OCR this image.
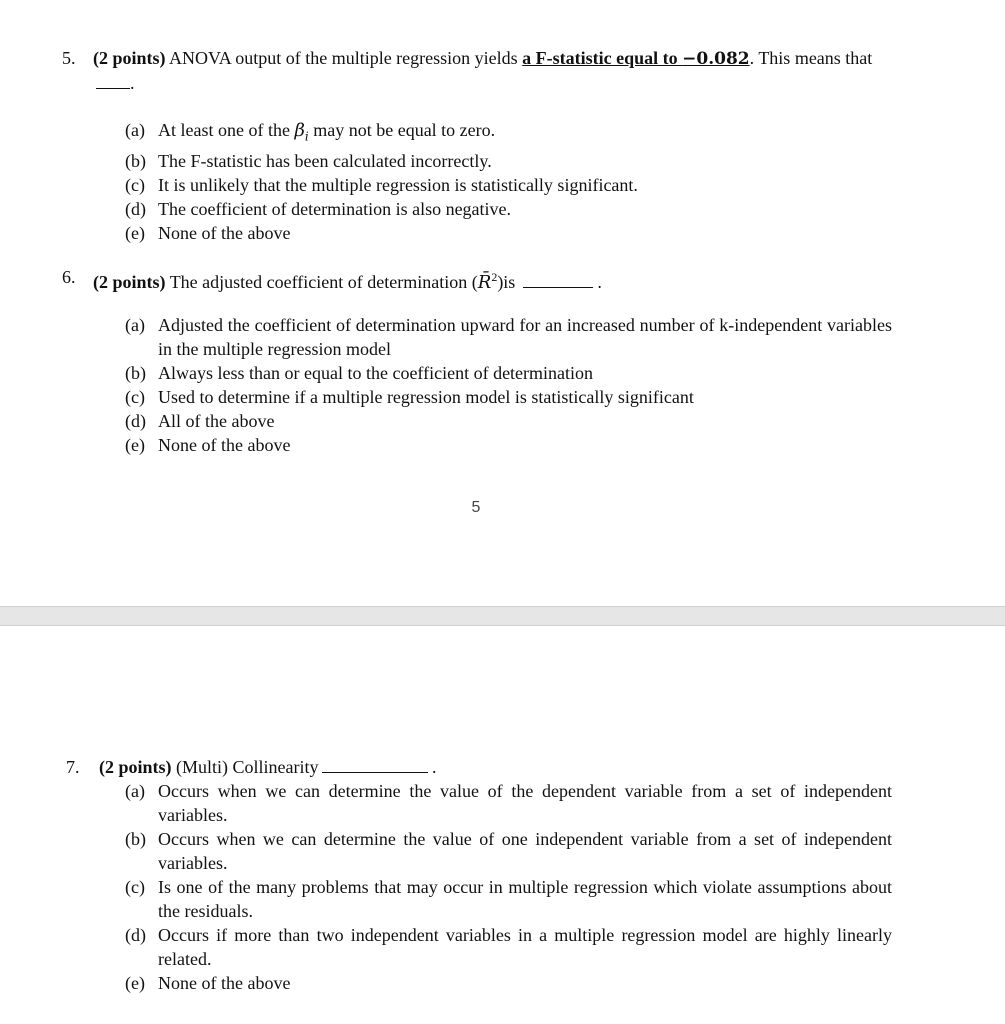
5. (2 points) ANOVA output of the multiple regression yields a F-statistic equal to −0.082. This means that .
(a) At least one of the $\beta_i$ may not be equal to zero.
(b) The F-statistic has been calculated incorrectly.
(c) It is unlikely that the multiple regression is statistically significant.
(d) The coefficient of determination is also negative.
(e) None of the above
6. (2 points) The adjusted coefficient of determination (R̄$^2$)is	.
(a) Adjusted the coefficient of determination upward for an increased number of k-independent variables in the multiple regression model
(b) Always less than or equal to the coefficient of determination
(c) Used to determine if a multiple regression model is statistically significant
(d) All of the above
(e) None of the above
5
7. (2 points) (Multi) Collinearity	.
(a) Occurs when we can determine the value of the dependent variable from a set of independent variables.
(b) Occurs when we can determine the value of one independent variable from a set of independent variables.
(c) Is one of the many problems that may occur in multiple regression which violate assumptions about the residuals.
(d) Occurs if more than two independent variables in a multiple regression model are highly linearly related.
(e) None of the above
